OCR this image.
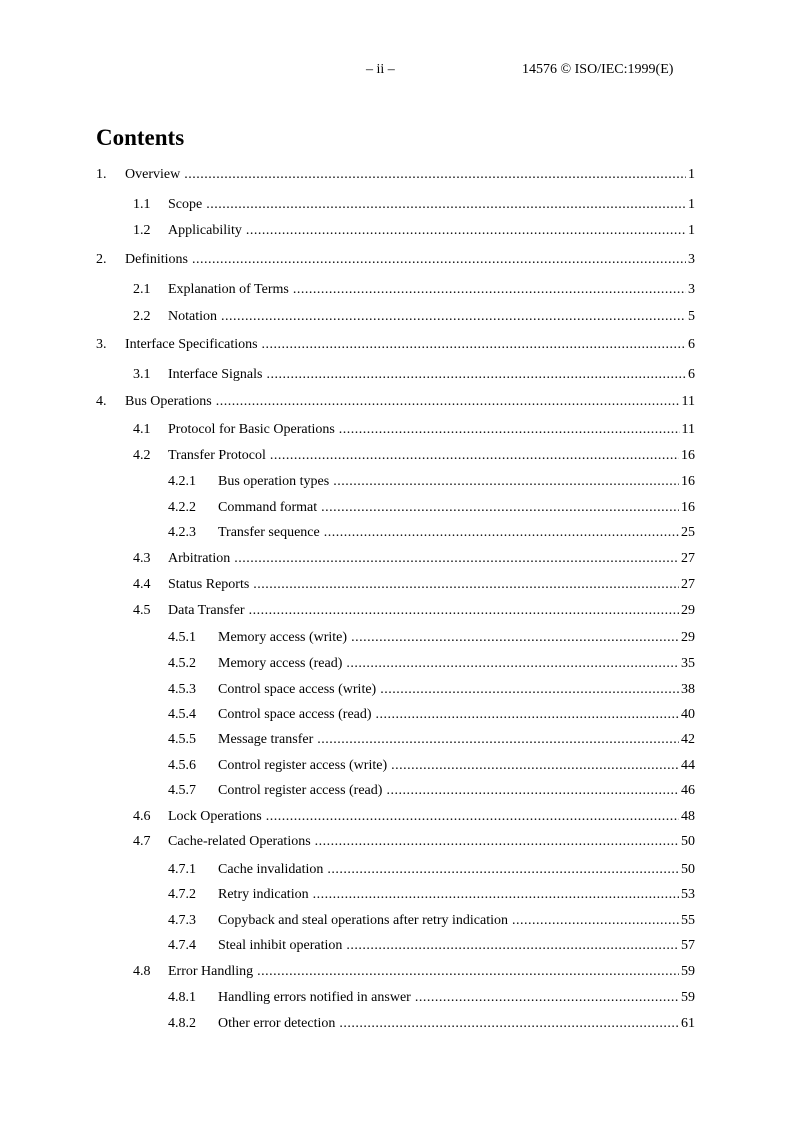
– ii –	14576 © ISO/IEC:1999(E)
Contents
1.	Overview .....	1
1.1	Scope .....	1
1.2	Applicability .....	1
2.	Definitions .....	3
2.1	Explanation of Terms .....	3
2.2	Notation .....	5
3.	Interface Specifications .....	6
3.1	Interface Signals .....	6
4.	Bus Operations .....	11
4.1	Protocol for Basic Operations .....	11
4.2	Transfer Protocol .....	16
4.2.1	Bus operation types .....	16
4.2.2	Command format .....	16
4.2.3	Transfer sequence .....	25
4.3	Arbitration .....	27
4.4	Status Reports .....	27
4.5	Data Transfer .....	29
4.5.1	Memory access (write) .....	29
4.5.2	Memory access (read) .....	35
4.5.3	Control space access (write) .....	38
4.5.4	Control space access (read) .....	40
4.5.5	Message transfer .....	42
4.5.6	Control register access (write) .....	44
4.5.7	Control register access (read) .....	46
4.6	Lock Operations .....	48
4.7	Cache-related Operations .....	50
4.7.1	Cache invalidation .....	50
4.7.2	Retry indication .....	53
4.7.3	Copyback and steal operations after retry indication .....	55
4.7.4	Steal inhibit operation .....	57
4.8	Error Handling .....	59
4.8.1	Handling errors notified in answer .....	59
4.8.2	Other error detection .....	61
